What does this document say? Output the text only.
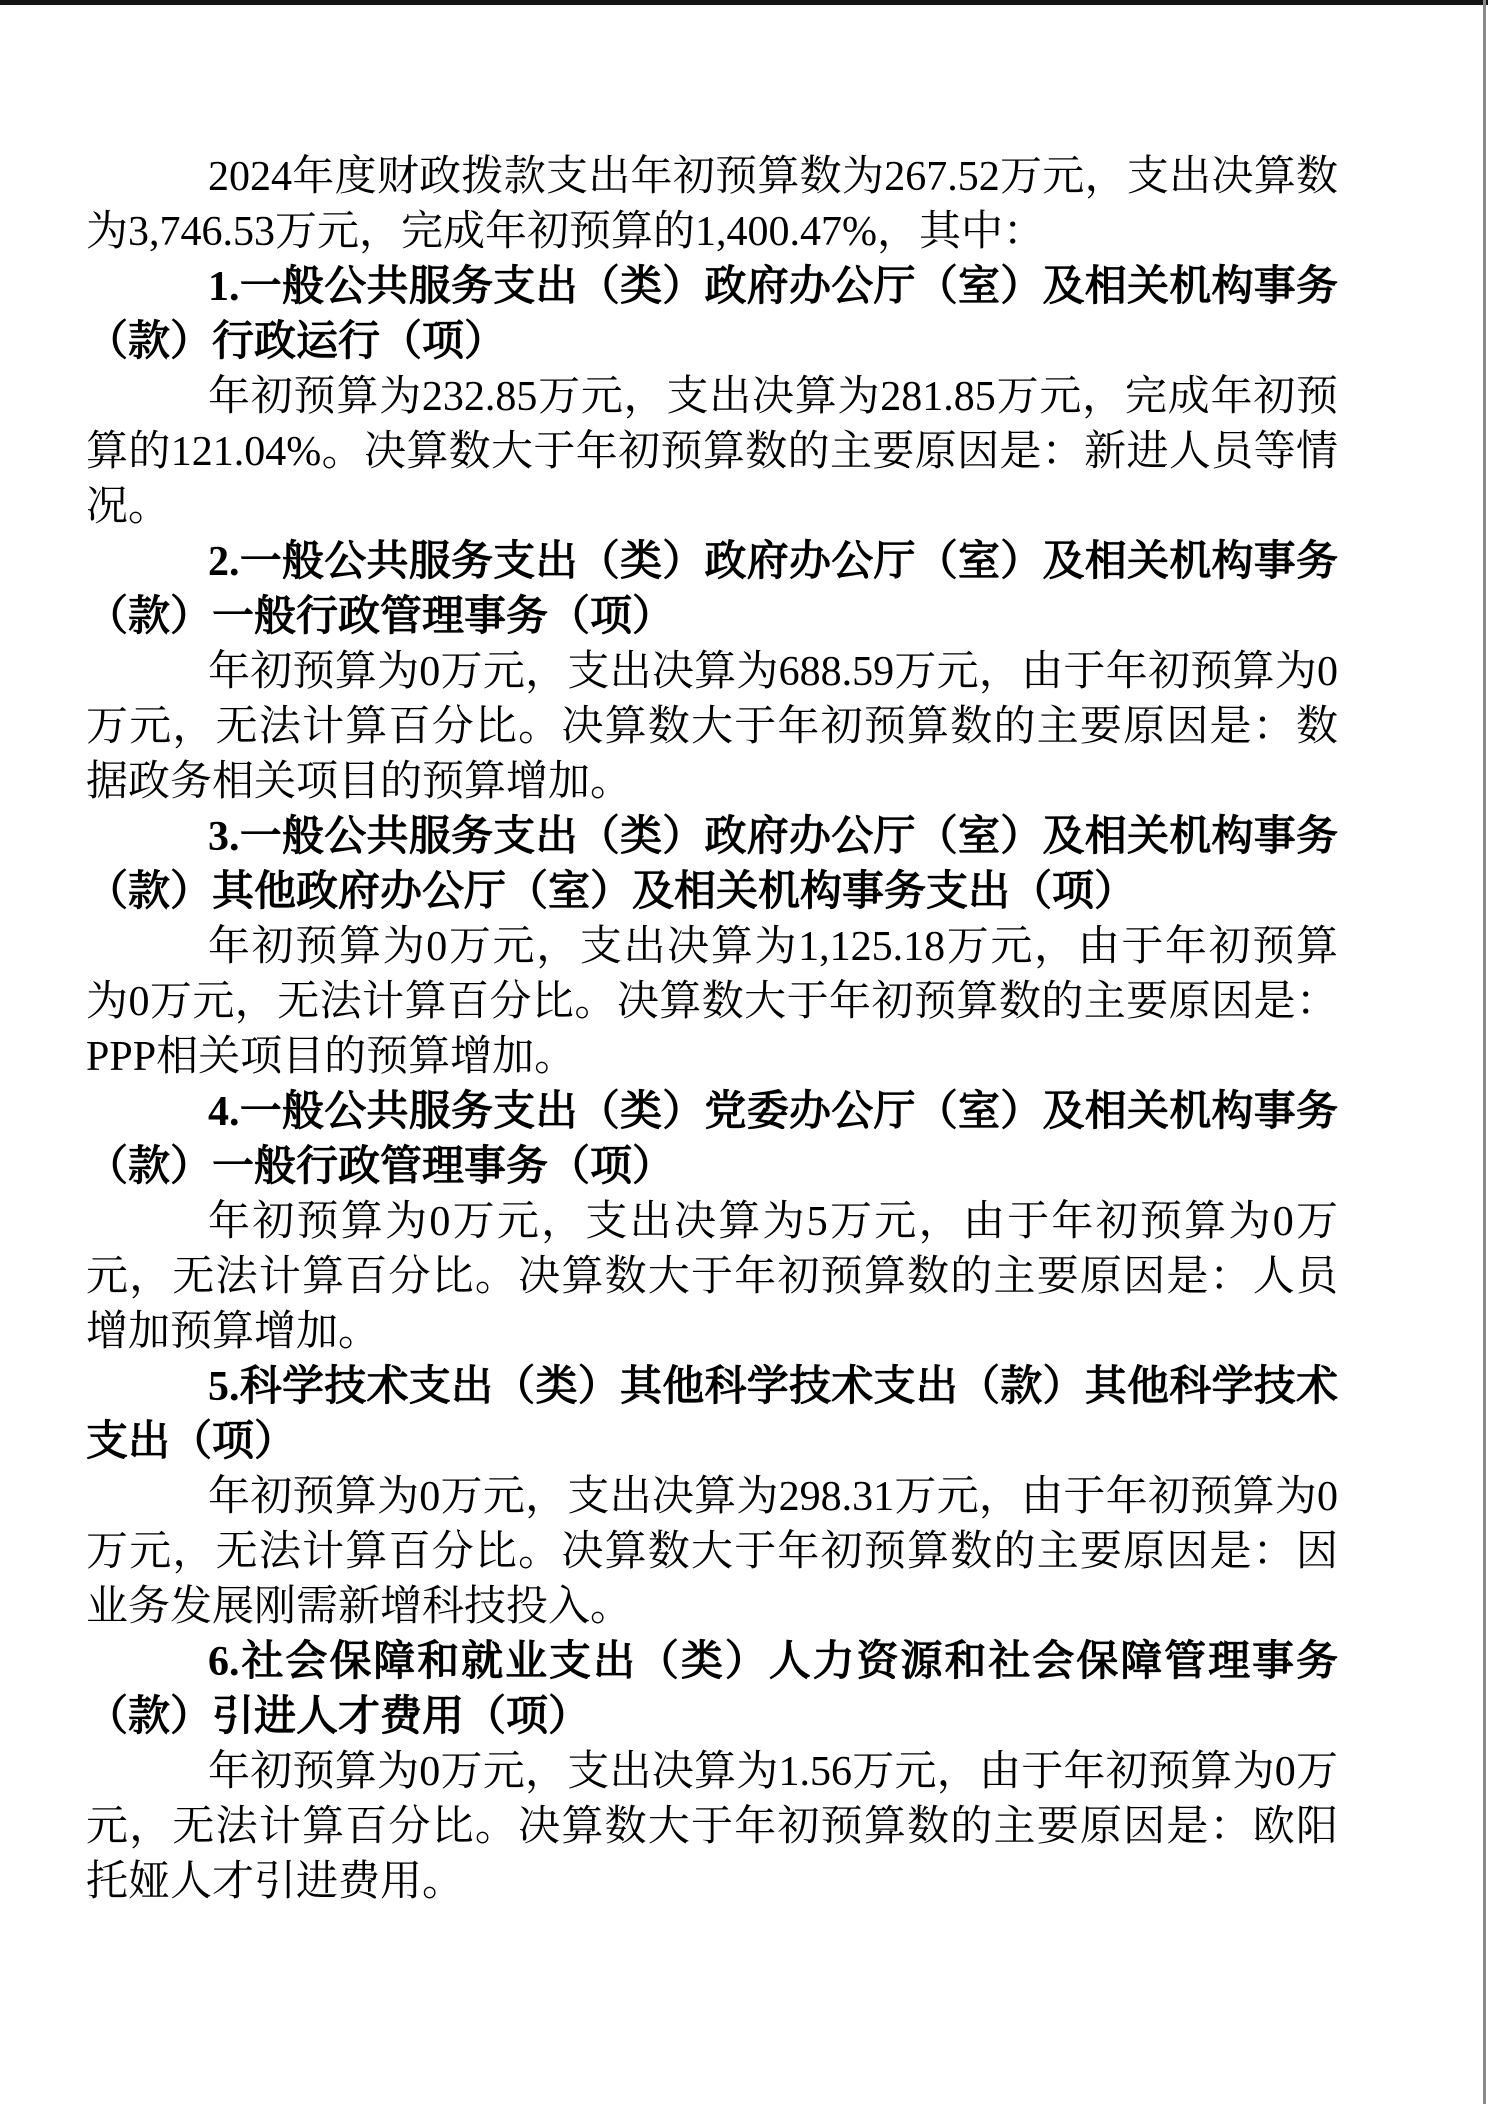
2024年度财政拨款支出年初预算数为267.52万元，支出决算数为3,746.53万元，完成年初预算的1,400.47%，其中：

1.一般公共服务支出（类）政府办公厅（室）及相关机构事务（款）行政运行（项）

年初预算为232.85万元，支出决算为281.85万元，完成年初预算的121.04%。决算数大于年初预算数的主要原因是：新进人员等情况。

2.一般公共服务支出（类）政府办公厅（室）及相关机构事务（款）一般行政管理事务（项）

年初预算为0万元，支出决算为688.59万元，由于年初预算为0万元，无法计算百分比。决算数大于年初预算数的主要原因是：数据政务相关项目的预算增加。

3.一般公共服务支出（类）政府办公厅（室）及相关机构事务（款）其他政府办公厅（室）及相关机构事务支出（项）

年初预算为0万元，支出决算为1,125.18万元，由于年初预算为0万元，无法计算百分比。决算数大于年初预算数的主要原因是：PPP相关项目的预算增加。

4.一般公共服务支出（类）党委办公厅（室）及相关机构事务（款）一般行政管理事务（项）

年初预算为0万元，支出决算为5万元，由于年初预算为0万元，无法计算百分比。决算数大于年初预算数的主要原因是：人员增加预算增加。

5.科学技术支出（类）其他科学技术支出（款）其他科学技术支出（项）

年初预算为0万元，支出决算为298.31万元，由于年初预算为0万元，无法计算百分比。决算数大于年初预算数的主要原因是：因业务发展刚需新增科技投入。

6.社会保障和就业支出（类）人力资源和社会保障管理事务（款）引进人才费用（项）

年初预算为0万元，支出决算为1.56万元，由于年初预算为0万元，无法计算百分比。决算数大于年初预算数的主要原因是：欧阳托娅人才引进费用。
